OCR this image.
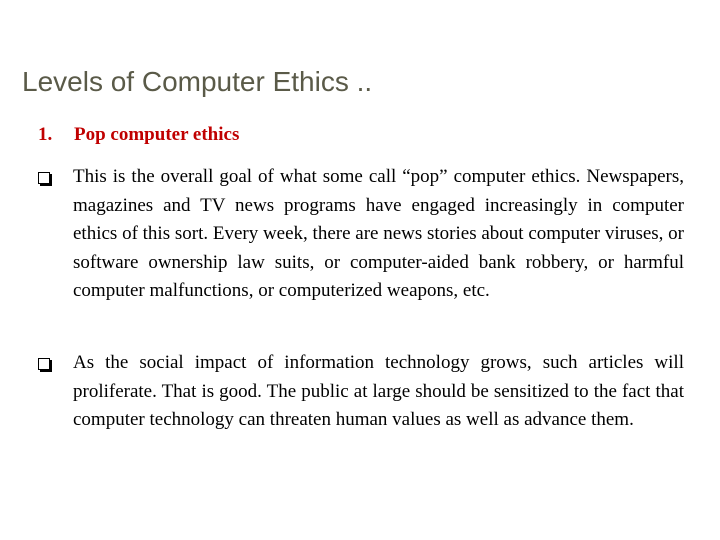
Levels of Computer Ethics ..
1. Pop computer ethics
This is the overall goal of what some call “pop” computer ethics. Newspapers, magazines and TV news programs have engaged increasingly in computer ethics of this sort. Every week, there are news stories about computer viruses, or software ownership law suits, or computer-aided bank robbery, or harmful computer malfunctions, or computerized weapons, etc.
As the social impact of information technology grows, such articles will proliferate. That is good. The public at large should be sensitized to the fact that computer technology can threaten human values as well as advance them.
